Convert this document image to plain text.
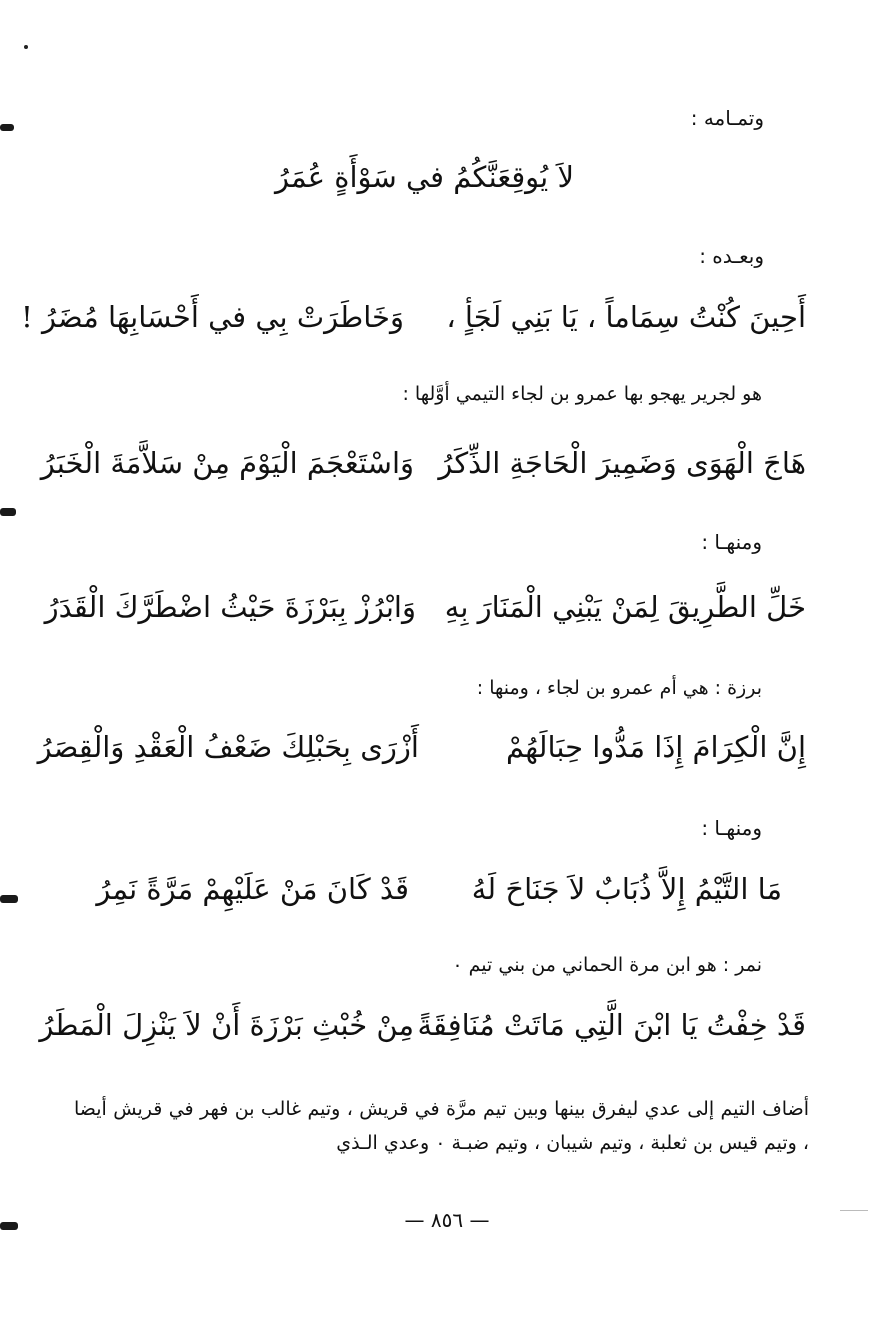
وتمـامه :
لاَ يُوقِعَنَّكُمُ في سَوْأَةٍ عُمَرُ
وبعـده :
أَحِينَ كُنْتُ سِمَاماً ، يَا بَنِي لَجَأٍ ،
وَخَاطَرَتْ بِي في أَحْسَابِهَا مُضَرُ !
هو لجرير يهجو بها عمرو بن لجاء التيمي أوَّلها :
هَاجَ الْهَوَى وَضَمِيرَ الْحَاجَةِ الذِّكَرُ
وَاسْتَعْجَمَ الْيَوْمَ مِنْ سَلاَّمَةَ الْخَبَرُ
ومنهـا :
خَلِّ الطَّرِيقَ لِمَنْ يَبْنِي الْمَنَارَ بِهِ
وَابْرُزْ بِبَرْزَةَ حَيْثُ اضْطَرَّكَ الْقَدَرُ
برزة : هي أم عمرو بن لجاء ، ومنها :
إِنَّ الْكِرَامَ إِذَا مَدُّوا حِبَالَهُمْ
أَزْرَى بِحَبْلِكَ ضَعْفُ الْعَقْدِ وَالْقِصَرُ
ومنهـا :
مَا التَّيْمُ إِلاَّ ذُبَابٌ لاَ جَنَاحَ لَهُ
قَدْ كَانَ مَنْ عَلَيْهِمْ مَرَّةً نَمِرُ
نمر : هو ابن مرة الحماني من بني تيم ٠
قَدْ خِفْتُ يَا ابْنَ الَّتِي مَاتَتْ مُنَافِقَةً
مِنْ خُبْثِ بَرْزَةَ أَنْ لاَ يَنْزِلَ الْمَطَرُ
أضاف التيم إلى عدي ليفرق بينها وبين تيم مرَّة في قريش ، وتيم غالب بن فهر في قريش أيضا ، وتيم قيس بن ثعلبة ، وتيم شيبان ، وتيم ضبـة ٠ وعدي الـذي
— ٨٥٦ —
